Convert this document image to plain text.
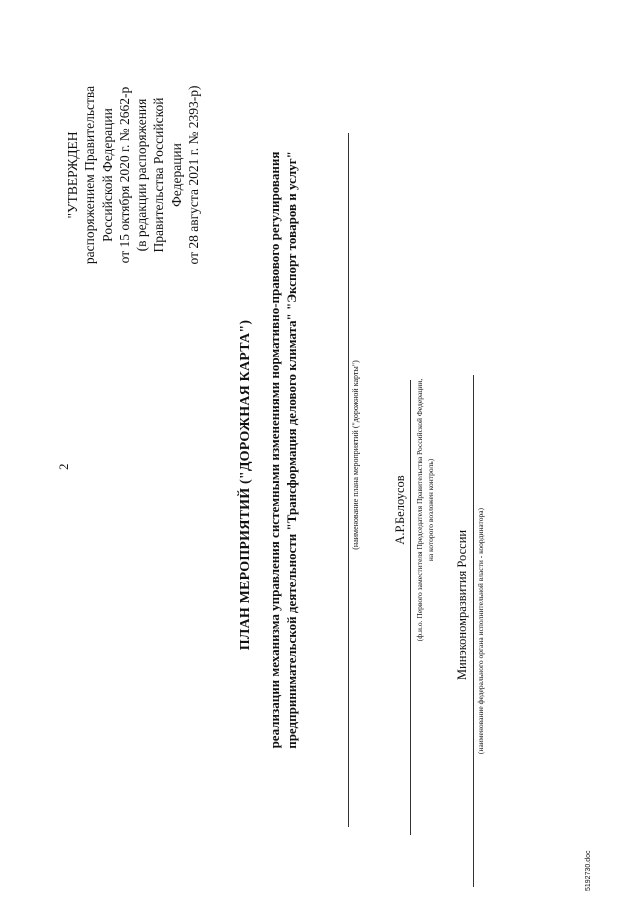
2
"УТВЕРЖДЕН распоряжением Правительства Российской Федерации от 15 октября 2020 г. № 2662-р (в редакции распоряжения Правительства Российской Федерации от 28 августа 2021 г. № 2393-р)
ПЛАН МЕРОПРИЯТИЙ ("ДОРОЖНАЯ КАРТА") реализации механизма управления системными изменениями нормативно-правового регулирования предпринимательской деятельности "Трансформация делового климата" "Экспорт товаров и услуг"	(наименование плана мероприятий ("дорожной карты")	А.Р.Белоусов (ф.и.о. Первого заместителя Председателя Правительства Российской Федерации, на которого возложен контроль)
Минэкономразвития России (наименование федерального органа исполнительной власти - координатора)
5192730.doc
